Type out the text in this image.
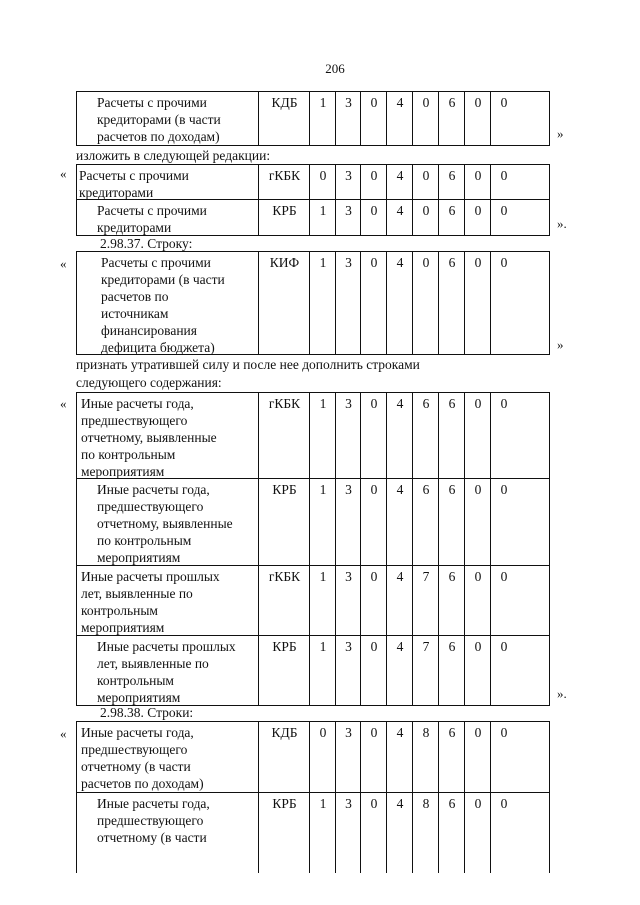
206
Расчеты с прочими
кредиторами (в части
расчетов по доходам)
КДБ	1	3	0	4	0	6	0	0
»
изложить в следующей редакции:
« Расчеты с прочими
кредиторами
гКБК	0	3	0	4	0	6	0	0
Расчеты с прочими
кредиторами
КРБ	1	3	0	4	0	6	0	0
».
2.98.37. Строку:
«	Расчеты с прочими
кредиторами (в части
расчетов по
источникам
финансирования
дефицита бюджета)
КИФ	1	3	0	4	0	6	0	0
»
признать утратившей силу и после нее дополнить строками
следующего содержания:
« Иные расчеты года,
предшествующего
отчетному, выявленные
по контрольным
мероприятиям
гКБК	1	3	0	4	6	6	0	0
Иные расчеты года,
предшествующего
отчетному, выявленные
по контрольным
мероприятиям
КРБ	1	3	0	4	6	6	0	0
Иные расчеты прошлых
лет, выявленные по
контрольным
мероприятиям
гКБК	1	3	0	4	7	6	0	0
Иные расчеты прошлых
лет, выявленные по
контрольным
мероприятиям
КРБ	1	3	0	4	7	6	0	0
».
2.98.38. Строки:
« Иные расчеты года,
предшествующего
отчетному (в части
расчетов по доходам)
КДБ	0	3	0	4	8	6	0	0
Иные расчеты года,
предшествующего
отчетному (в части
КРБ	1	3	0	4	8	6	0	0
